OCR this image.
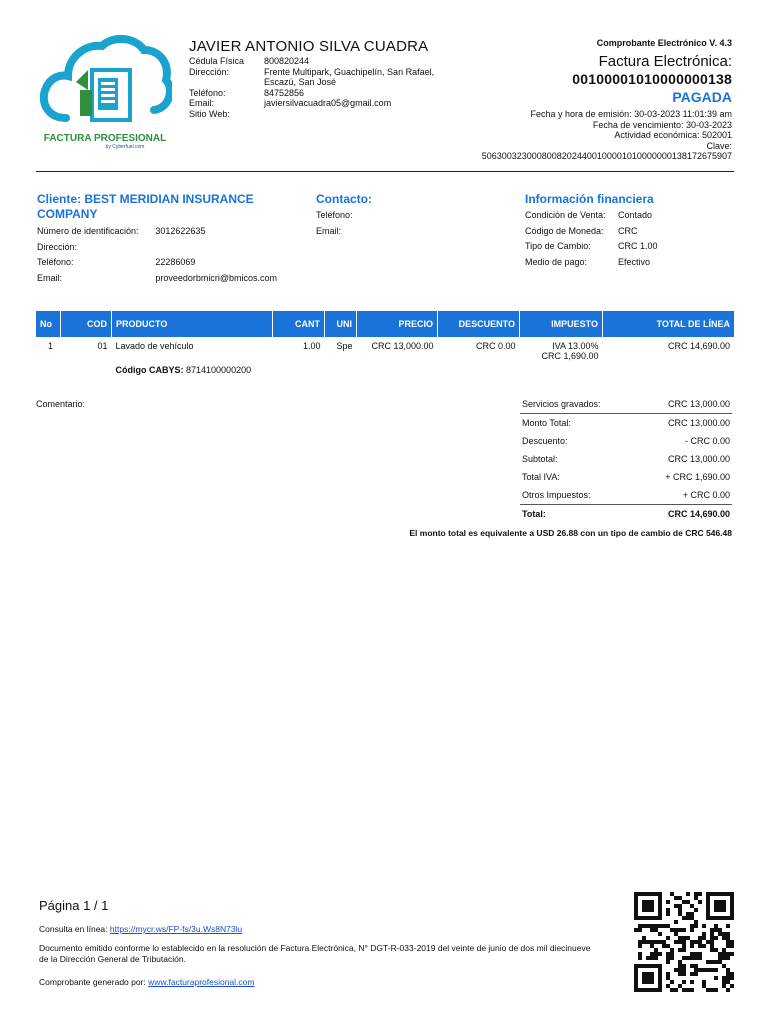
FACTURA PROFESIONAL
by Cyberfuel.com
JAVIER ANTONIO SILVA CUADRA
Cédula Física	800820244
Dirección:	Frente Multipark, Guachipelín, San Rafael, Escazú, San José
Teléfono:	84752856
Email:	javiersilvacuadra05@gmail.com
Sitio Web:	
Comprobante Electrónico V. 4.3
Factura Electrónica:
00100001010000000138
PAGADA
Fecha y hora de emisión: 30-03-2023 11:01:39 am
Fecha de vencimiento: 30-03-2023
Actividad económica: 502001
Clave:
50630032300080082024400100001010000000138172675907
Cliente: BEST MERIDIAN INSURANCE COMPANY
Número de identificación:	3012622635
Dirección:	
Teléfono:	22286069
Email:	proveedorbmicri@bmicos.com
Contacto:
Teléfono:
Email:
Información financiera
Condición de Venta:	Contado
Código de Moneda:	CRC
Tipo de Cambio:	CRC 1.00
Medio de pago:	Efectivo
No	COD	PRODUCTO	CANT	UNI	PRECIO	DESCUENTO	IMPUESTO	TOTAL DE LÍNEA
1	01	Lavado de vehículo	1.00	Spe	CRC 13,000.00	CRC 0.00	IVA 13.00%
CRC 1,690.00	CRC 14,690.00
		Código CABYS: 8714100000200						
Comentario:	Servicios gravados:	CRC 13,000.00
Monto Total:	CRC 13,000.00
Descuento:	- CRC 0.00
Subtotal:	CRC 13,000.00
Total IVA:	+ CRC 1,690.00
Otros Impuestos:	+ CRC 0.00
Total:	CRC 14,690.00
El monto total es equivalente a USD 26.88 con un tipo de cambio de CRC 546.48
Página 1 / 1
Consulta en línea: https://mycr.ws/FP-fs/3u.Ws8N73lu
Documento emitido conforme lo establecido en la resolución de Factura Electrónica, N° DGT-R-033-2019 del veinte de junio de dos mil diecinueve de la Dirección General de Tributación.
Comprobante generado por: www.facturaprofesional.com
